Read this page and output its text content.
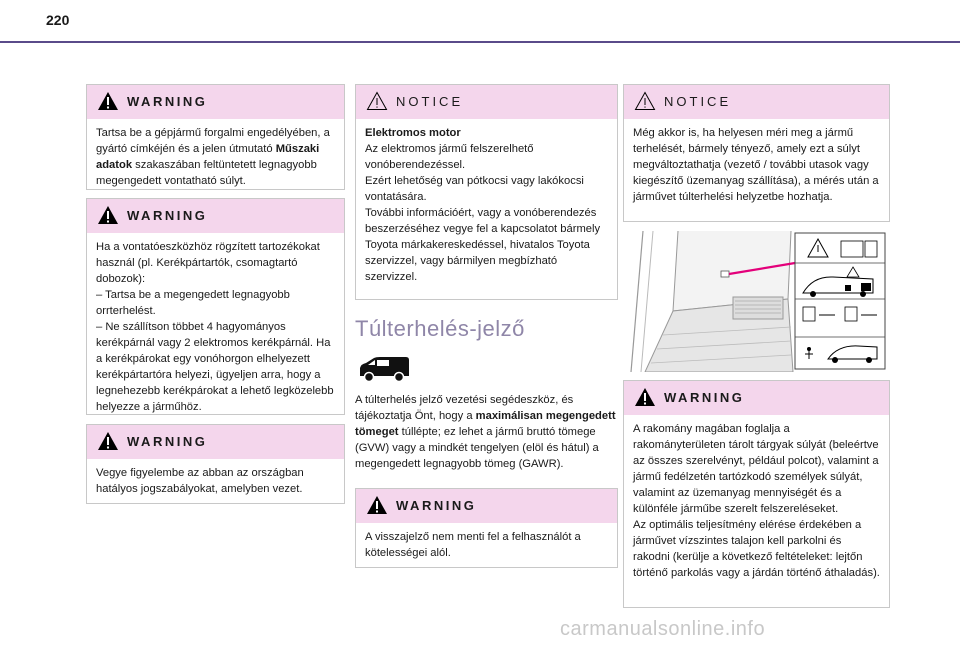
220
WARNING
Tartsa be a gépjármű forgalmi engedélyében, a gyártó címkéjén és a jelen útmutató Műszaki adatok szakaszában feltüntetett legnagyobb megengedett vontatható súlyt.
WARNING
Ha a vontatóeszközhöz rögzített tartozékokat használ (pl. Kerékpártartók, csomagtartó dobozok):
– Tartsa be a megengedett legnagyobb orrterhelést.
– Ne szállítson többet 4 hagyományos kerékpárnál vagy 2 elektromos kerékpárnál. Ha a kerékpárokat egy vonóhorgon elhelyezett kerékpártartóra helyezi, ügyeljen arra, hogy a legnehezebb kerékpárokat a lehető legközelebb helyezze a járműhöz.
WARNING
Vegye figyelembe az abban az országban hatályos jogszabályokat, amelyben vezet.
NOTICE
Elektromos motor
Az elektromos jármű felszerelhető vonóberendezéssel.
Ezért lehetőség van pótkocsi vagy lakókocsi vontatására.
További információért, vagy a vonóberendezés beszerzéséhez vegye fel a kapcsolatot bármely Toyota márkakereskedéssel, hivatalos Toyota szervizzel, vagy bármilyen megbízható szervizzel.
Túlterhelés-jelző
A túlterhelés jelző vezetési segédeszköz, és tájékoztatja Önt, hogy a maximálisan megengedett tömeget túllépte; ez lehet a jármű bruttó tömege (GVW) vagy a mindkét tengelyen (elöl és hátul) a megengedett legnagyobb tömeg (GAWR).
WARNING
A visszajelző nem menti fel a felhasználót a kötelességei alól.
NOTICE
Még akkor is, ha helyesen méri meg a jármű terhelését, bármely tényező, amely ezt a súlyt megváltoztathatja (vezető / további utasok vagy kiegészítő üzemanyag szállítása), a mérés után a járművet túlterhelési helyzetbe hozhatja.
WARNING
A rakomány magában foglalja a rakományterületen tárolt tárgyak súlyát (beleértve az összes szerelvényt, például polcot), valamint a jármű fedélzetén tartózkodó személyek súlyát, valamint az üzemanyag mennyiségét és a különféle járműbe szerelt felszereléseket.
Az optimális teljesítmény elérése érdekében a járművet vízszintes talajon kell parkolni és rakodni (kerülje a következő feltételeket: lejtőn történő parkolás vagy a járdán történő áthaladás).
carmanualsonline.info
